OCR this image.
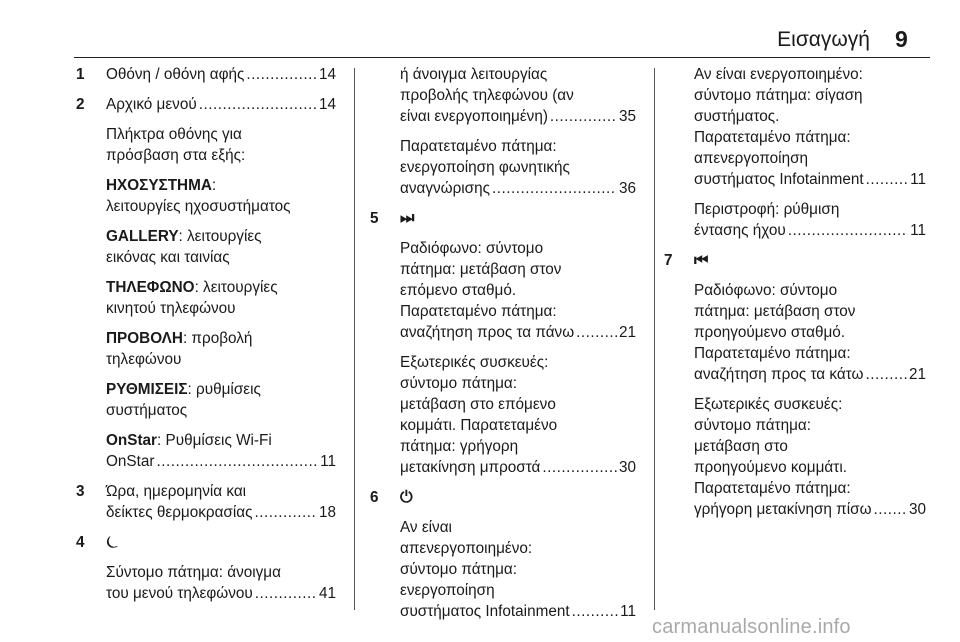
Εισαγωγή 9
1 Οθόνη / οθόνη αφής .....	14
2 Αρχικό μενού .....	14
Πλήκτρα οθόνης για
πρόσβαση στα εξής:
ΗΧΟΣΥΣΤΗΜΑ:
λειτουργίες ηχοσυστήματος
GALLERY: λειτουργίες
εικόνας και ταινίας
ΤΗΛΕΦΩΝΟ: λειτουργίες
κινητού τηλεφώνου
ΠΡΟΒΟΛΗ: προβολή
τηλεφώνου
ΡΥΘΜΙΣΕΙΣ: ρυθμίσεις
συστήματος
OnStar: Ρυθμίσεις Wi-Fi
OnStar .....	11
3 Ώρα, ημερομηνία και
δείκτες θερμοκρασίας .....	18
4 ⏾
Σύντομο πάτημα: άνοιγμα
του μενού τηλεφώνου .....	41
ή άνοιγμα λειτουργίας
προβολής τηλεφώνου (αν
είναι ενεργοποιημένη) .....	35
Παρατεταμένο πάτημα:
ενεργοποίηση φωνητικής
αναγνώρισης .....	36
5 ⏭
Ραδιόφωνο: σύντομο
πάτημα: μετάβαση στον
επόμενο σταθμό.
Παρατεταμένο πάτημα:
αναζήτηση προς τα πάνω .....	21
Εξωτερικές συσκευές:
σύντομο πάτημα:
μετάβαση στο επόμενο
κομμάτι. Παρατεταμένο
πάτημα: γρήγορη
μετακίνηση μπροστά .....	30
6 ⏻
Αν είναι
απενεργοποιημένο:
σύντομο πάτημα:
ενεργοποίηση
συστήματος Infotainment .....	11
Αν είναι ενεργοποιημένο:
σύντομο πάτημα: σίγαση
συστήματος.
Παρατεταμένο πάτημα:
απενεργοποίηση
συστήματος Infotainment .....	11
Περιστροφή: ρύθμιση
έντασης ήχου .....	11
7 ⏮
Ραδιόφωνο: σύντομο
πάτημα: μετάβαση στον
προηγούμενο σταθμό.
Παρατεταμένο πάτημα:
αναζήτηση προς τα κάτω .....	21
Εξωτερικές συσκευές:
σύντομο πάτημα:
μετάβαση στο
προηγούμενο κομμάτι.
Παρατεταμένο πάτημα:
γρήγορη μετακίνηση πίσω ..... 30
carmanualsonline.info
